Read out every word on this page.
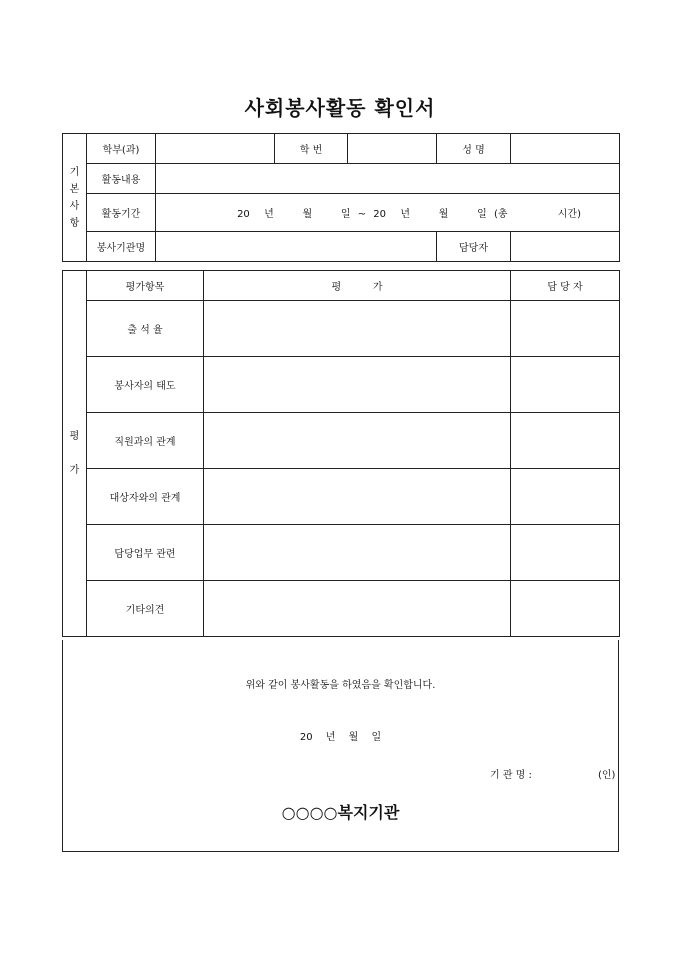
사회봉사활동 확인서
기
본
사
항	학부(과)		학 번		성 명	
	활동내용					
	활동기간	20  년    월    일 ~ 20  년    월    일 (총       시간)				

	봉사기관명				담당자	
평

가	평가항목	평          가	담 당 자
	출 석 율		
	봉사자의 태도		
	직원과의 관계		
	대상자와의 관계		
	담당업무 관련		
	기타의견		
위와 같이 봉사활동을 하였음을 확인합니다.
20 년 월 일
기 관 명 :	(인)
○○○○복지기관
